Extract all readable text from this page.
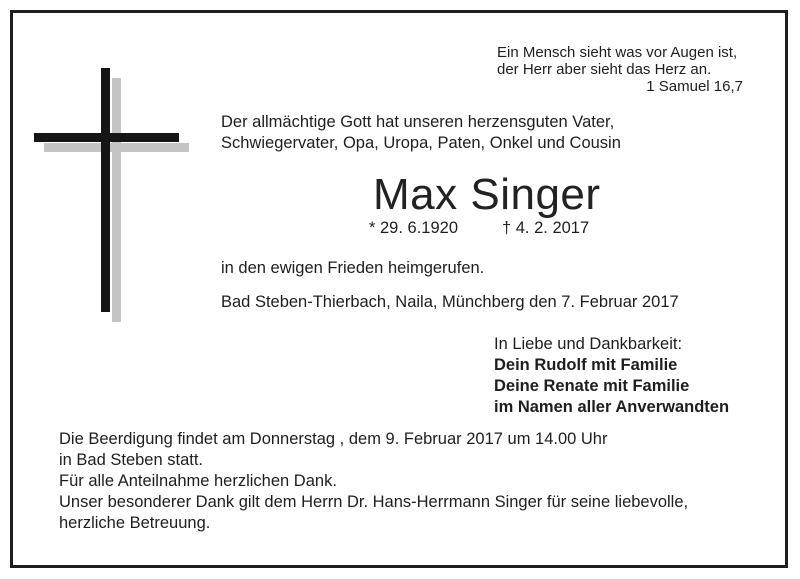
Ein Mensch sieht was vor Augen ist,
der Herr aber sieht das Herz an.
1 Samuel 16,7
Der allmächtige Gott hat unseren herzensguten Vater,
Schwiegervater, Opa, Uropa, Paten, Onkel und Cousin
Max Singer
* 29. 6.1920	† 4. 2. 2017
in den ewigen Frieden heimgerufen.
Bad Steben-Thierbach, Naila, Münchberg den 7. Februar 2017
In Liebe und Dankbarkeit:
Dein Rudolf mit Familie
Deine Renate mit Familie
im Namen aller Anverwandten
Die Beerdigung findet am Donnerstag , dem 9. Februar 2017 um 14.00 Uhr
in Bad Steben statt.
Für alle Anteilnahme herzlichen Dank.
Unser besonderer Dank gilt dem Herrn Dr. Hans-Herrmann Singer für seine liebevolle,
herzliche Betreuung.
